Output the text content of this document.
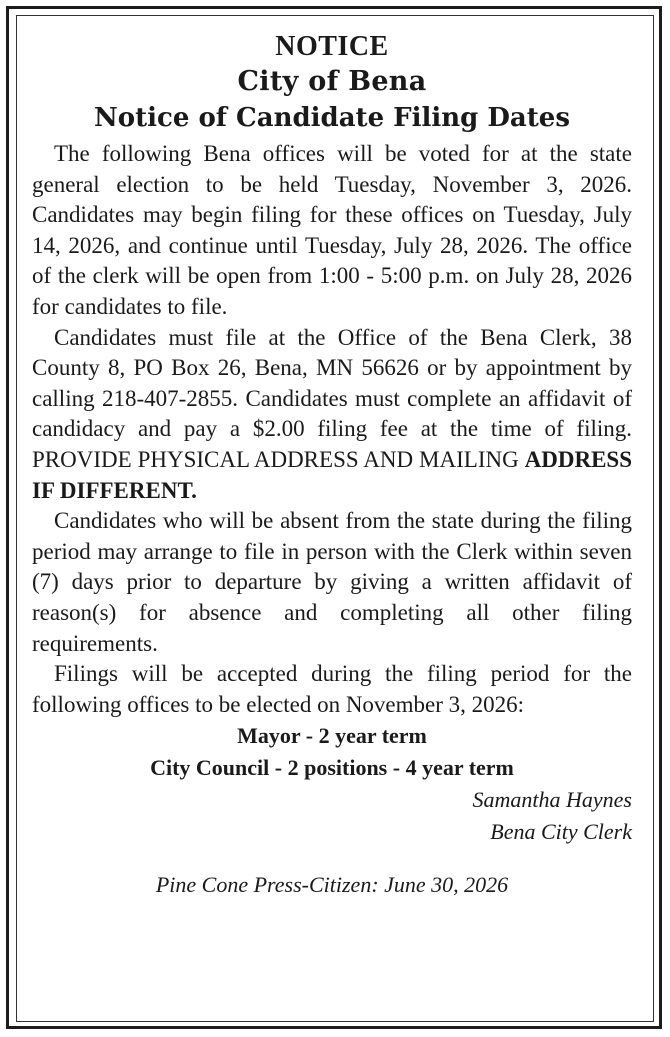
NOTICE

City of Bena

Notice of Candidate Filing Dates

The following Bena offices will be voted for at the state general election to be held Tuesday, November 3, 2026. Candidates may begin filing for these offices on Tuesday, July 14, 2026, and continue until Tuesday, July 28, 2026. The office of the clerk will be open from 1:00 - 5:00 p.m. on July 28, 2026 for candidates to file.

Candidates must file at the Office of the Bena Clerk, 38 County 8, PO Box 26, Bena, MN 56626 or by appointment by calling 218-407-2855. Candidates must complete an affidavit of candidacy and pay a $2.00 filing fee at the time of filing. PROVIDE PHYSICAL ADDRESS AND MAILING ADDRESS IF DIFFERENT.

Candidates who will be absent from the state during the filing period may arrange to file in person with the Clerk within seven (7) days prior to departure by giving a written affidavit of reason(s) for absence and completing all other filing requirements.

Filings will be accepted during the filing period for the following offices to be elected on November 3, 2026:

Mayor - 2 year term

City Council - 2 positions - 4 year term

Samantha Haynes

Bena City Clerk

Pine Cone Press-Citizen: June 30, 2026
